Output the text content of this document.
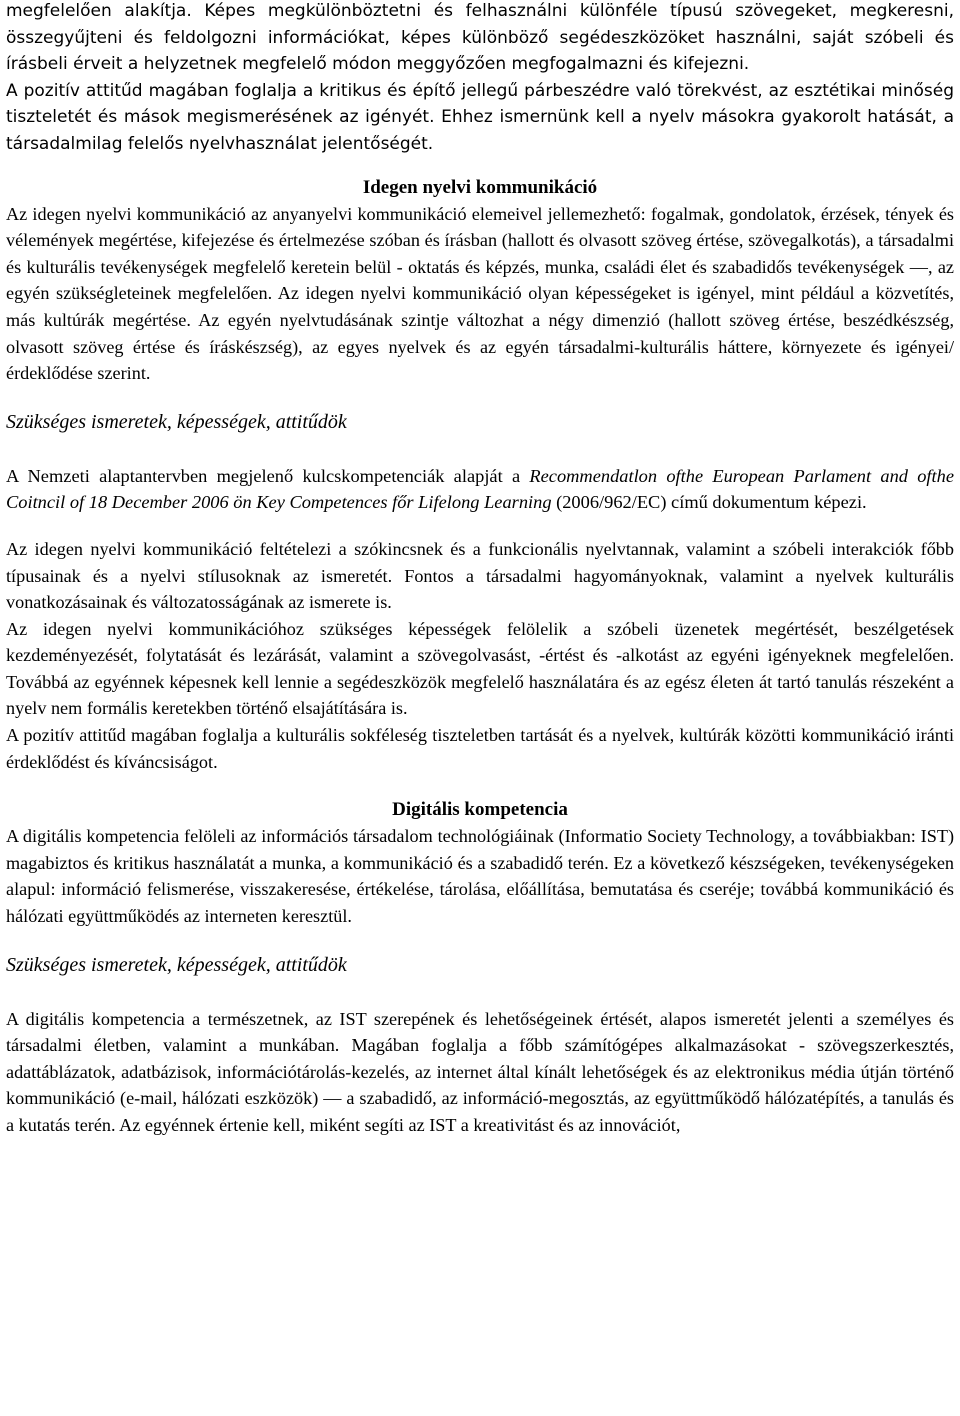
megfelelően alakítja. Képes megkülönböztetni és felhasználni különféle típusú szövegeket, megkeresni, összegyűjteni és feldolgozni információkat, képes különböző segédeszközöket használni, saját szóbeli és írásbeli érveit a helyzetnek megfelelő módon meggyőzően megfogalmazni és kifejezni.

A pozitív attitűd magában foglalja a kritikus és építő jellegű párbeszédre való törekvést, az esztétikai minőség tiszteletét és mások megismerésének az igényét. Ehhez ismernünk kell a nyelv másokra gyakorolt hatását, a társadalmilag felelős nyelvhasználat jelentőségét.

Idegen nyelvi kommunikáció

Az idegen nyelvi kommunikáció az anyanyelvi kommunikáció elemeivel jellemezhető: fogalmak, gondolatok, érzések, tények és vélemények megértése, kifejezése és értelmezése szóban és írásban (hallott és olvasott szöveg értése, szövegalkotás), a társadalmi és kulturális tevékenységek megfelelő keretein belül - oktatás és képzés, munka, családi élet és szabadidős tevékenységek —, az egyén szükségleteinek megfelelően. Az idegen nyelvi kommunikáció olyan képességeket is igényel, mint például a közvetítés, más kultúrák megértése. Az egyén nyelvtudásának szintje változhat a négy dimenzió (hallott szöveg értése, beszédkészség, olvasott szöveg értése és íráskészség), az egyes nyelvek és az egyén társadalmi-kulturális háttere, környezete és igényei/érdeklődése szerint.

Szükséges ismeretek, képességek, attitűdök

A Nemzeti alaptantervben megjelenő kulcskompetenciák alapját a Recommendatlon ofthe European Parlament and ofthe Coitncil of 18 December 2006 ön Key Competences főr Lifelong Learning (2006/962/EC) című dokumentum képezi.

Az idegen nyelvi kommunikáció feltételezi a szókincsnek és a funkcionális nyelvtannak, valamint a szóbeli interakciók főbb típusainak és a nyelvi stílusoknak az ismeretét. Fontos a társadalmi hagyományoknak, valamint a nyelvek kulturális vonatkozásainak és változatosságának az ismerete is.

Az idegen nyelvi kommunikációhoz szükséges képességek felölelik a szóbeli üzenetek megértését, beszélgetések kezdeményezését, folytatását és lezárását, valamint a szövegolvasást, -értést és -alkotást az egyéni igényeknek megfelelően. Továbbá az egyénnek képesnek kell lennie a segédeszközök megfelelő használatára és az egész életen át tartó tanulás részeként a nyelv nem formális keretekben történő elsajátítására is.

A pozitív attitűd magában foglalja a kulturális sokféleség tiszteletben tartását és a nyelvek, kultúrák közötti kommunikáció iránti érdeklődést és kíváncsiságot.

Digitális kompetencia

A digitális kompetencia felöleli az információs társadalom technológiáinak (Informatio Society Technology, a továbbiakban: IST) magabiztos és kritikus használatát a munka, a kommunikáció és a szabadidő terén. Ez a következő készségeken, tevékenységeken alapul: információ felismerése, visszakeresése, értékelése, tárolása, előállítása, bemutatása és cseréje; továbbá kommunikáció és hálózati együttműködés az interneten keresztül.

Szükséges ismeretek, képességek, attitűdök

A digitális kompetencia a természetnek, az IST szerepének és lehetőségeinek értését, alapos ismeretét jelenti a személyes és társadalmi életben, valamint a munkában. Magában foglalja a főbb számítógépes alkalmazásokat - szövegszerkesztés, adattáblázatok, adatbázisok, információtárolás-kezelés, az internet által kínált lehetőségek és az elektronikus média útján történő kommunikáció (e-mail, hálózati eszközök) — a szabadidő, az információ-megosztás, az együttműködő hálózatépítés, a tanulás és a kutatás terén. Az egyénnek értenie kell, miként segíti az IST a kreativitást és az innovációt,
